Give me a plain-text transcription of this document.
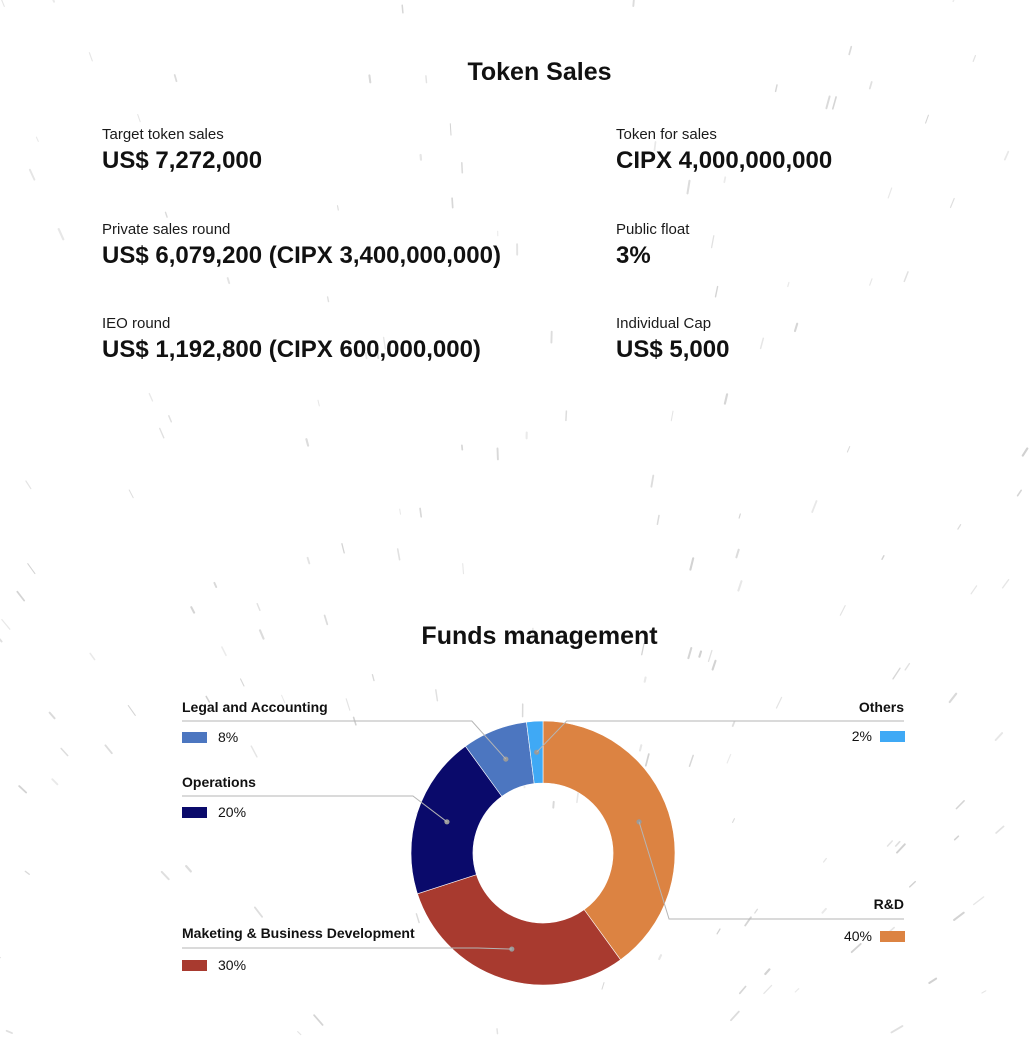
Token Sales
Target token sales
US$ 7,272,000
Token for sales
CIPX 4,000,000,000
Private sales round
US$ 6,079,200 (CIPX 3,400,000,000)
Public float
3%
IEO round
US$ 1,192,800 (CIPX 600,000,000)
Individual Cap
US$ 5,000
Funds management
R&D
40%
Maketing & Business Development
30%
Operations
20%
Legal and Accounting
8%
Others
2%
